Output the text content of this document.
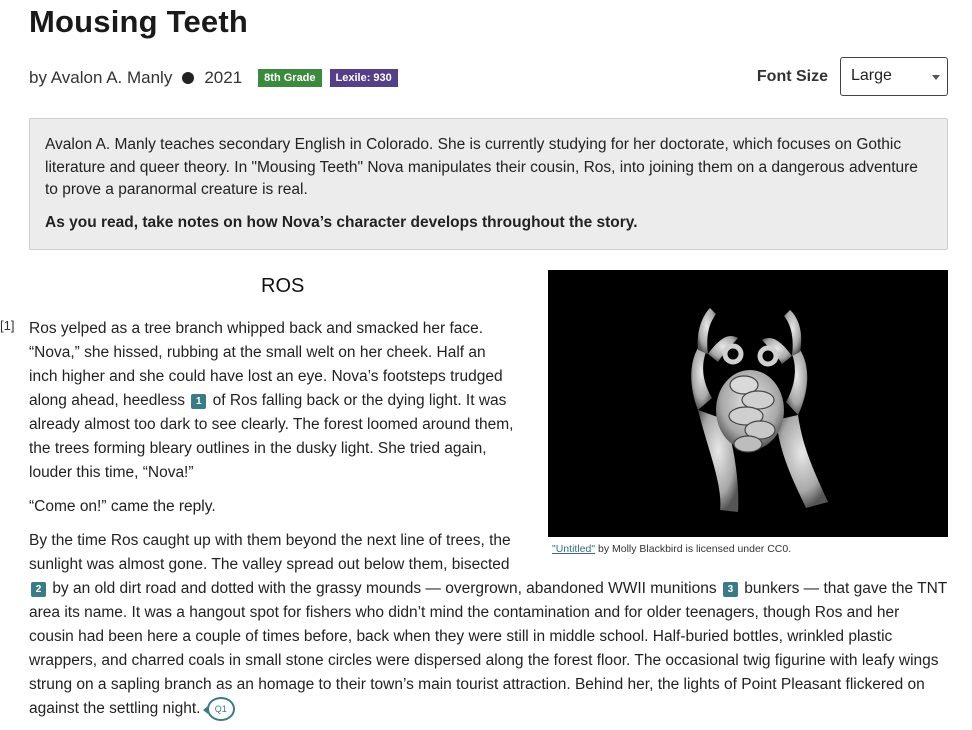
Mousing Teeth
by Avalon A. Manly 2021	8th Grade	Lexile: 930	Font Size	Large

Avalon A. Manly teaches secondary English in Colorado. She is currently studying for her doctorate, which focuses on Gothic literature and queer theory. In "Mousing Teeth" Nova manipulates their cousin, Ros, into joining them on a dangerous adventure to prove a paranormal creature is real.

As you read, take notes on how Nova’s character develops throughout the story.

ROS
[1]
"Untitled" by Molly Blackbird is licensed under CC0.

Ros yelped as a tree branch whipped back and smacked her face. “Nova,” she hissed, rubbing at the small welt on her cheek. Half an inch higher and she could have lost an eye. Nova’s footsteps trudged along ahead, heedless 1 of Ros falling back or the dying light. It was already almost too dark to see clearly. The forest loomed around them, the trees forming bleary outlines in the dusky light. She tried again, louder this time, “Nova!”

“Come on!” came the reply.

By the time Ros caught up with them beyond the next line of trees, the sunlight was almost gone. The valley spread out below them, bisected 2 by an old dirt road and dotted with the grassy mounds — overgrown, abandoned WWII munitions 3 bunkers — that gave the TNT area its name. It was a hangout spot for fishers who didn’t mind the contamination and for older teenagers, though Ros and her cousin had been here a couple of times before, back when they were still in middle school. Half-buried bottles, wrinkled plastic wrappers, and charred coals in small stone circles were dispersed along the forest floor. The occasional twig figurine with leafy wings strung on a sapling branch as an homage to their town’s main tourist attraction. Behind her, the lights of Point Pleasant flickered on against the settling night. Q1
